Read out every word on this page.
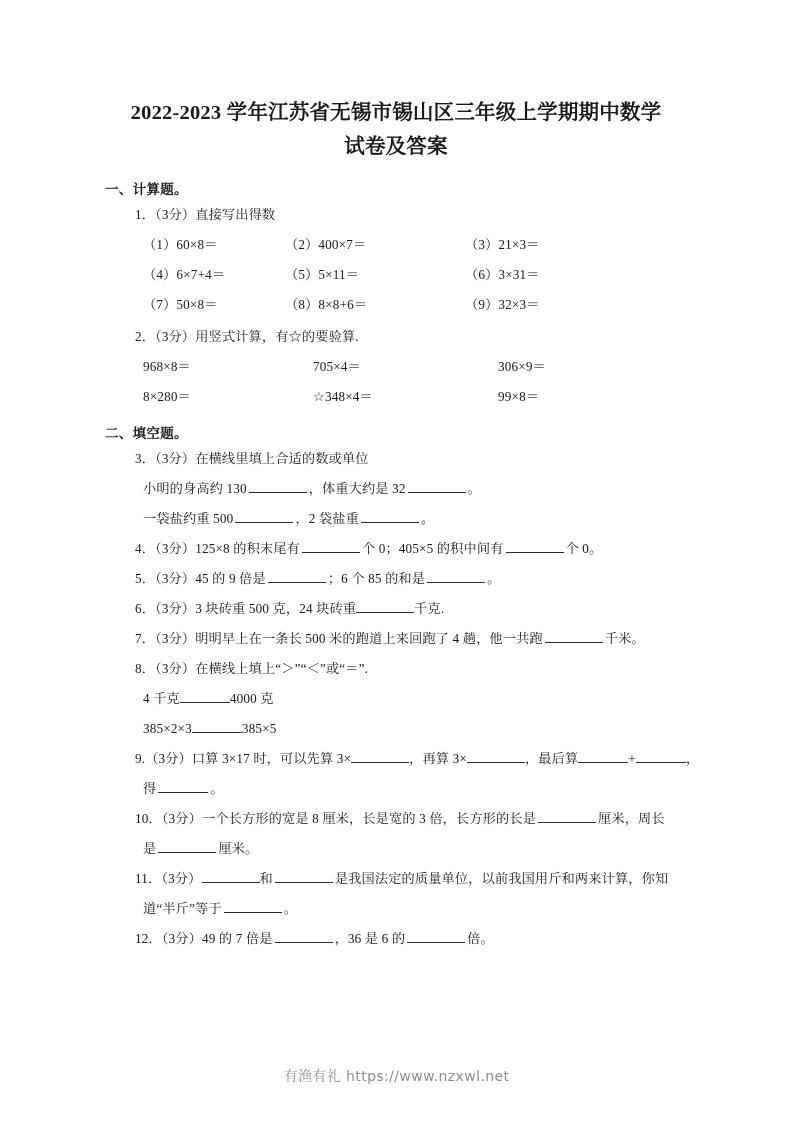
2022-2023 学年江苏省无锡市锡山区三年级上学期期中数学
试卷及答案
一、计算题。
1．（3分）直接写出得数
（1）60×8＝	（2）400×7＝	（3）21×3＝
（4）6×7+4＝	（5）5×11＝	（6）3×31＝
（7）50×8＝	（8）8×8+6＝	（9）32×3＝
2．（3分）用竖式计算，有☆的要验算.
968×8＝	705×4＝	306×9＝
8×280＝	☆348×4＝	99×8＝
二、填空题。
3．（3分）在横线里填上合适的数或单位
小明的身高约 130	，体重大约是 32	。
一袋盐约重 500	，2 袋盐重	。
4．（3分）125×8 的积末尾有	个 0；405×5 的积中间有	个 0。
5．（3分）45 的 9 倍是	；6 个 85 的和是	。
6．（3分）3 块砖重 500 克，24 块砖重	千克.
7．（3分）明明早上在一条长 500 米的跑道上来回跑了 4 趟，他一共跑	千米。
8．（3分）在横线上填上“＞”“＜”或“＝”.
4 千克	4000 克
385×2×3	385×5
9.（3分）口算 3×17 时，可以先算 3×	，再算 3×	，最后算	+	，
得	。
10．（3分）一个长方形的宽是 8 厘米，长是宽的 3 倍，长方形的长是	厘米，周长
是	厘米。
11．（3分）	和	是我国法定的质量单位，以前我国用斤和两来计算，你知
道“半斤”等于	。
12．（3分）49 的 7 倍是	，36 是 6 的	倍。
有渔有礼 https://www.nzxwl.net
